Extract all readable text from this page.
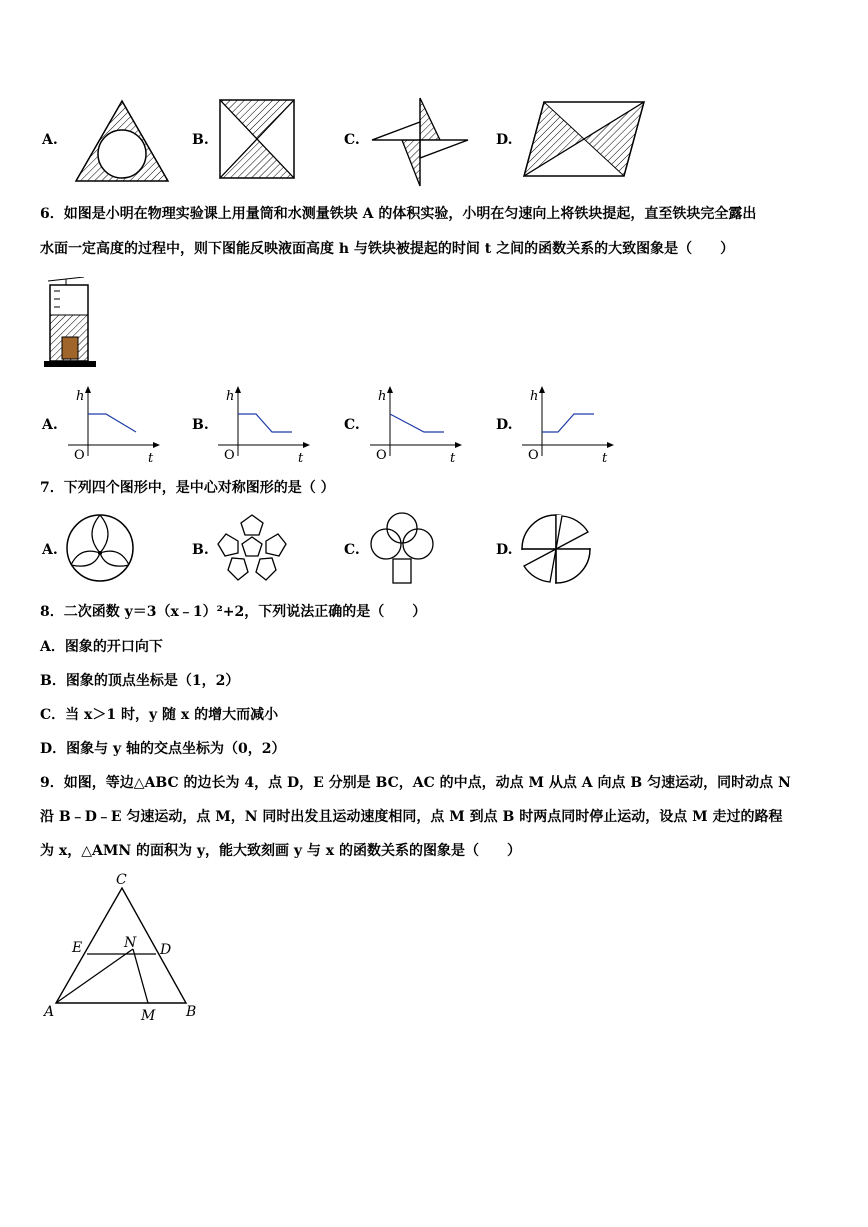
A.	B.	C.	D.
6．如图是小明在物理实验课上用量筒和水测量铁块 A 的体积实验，小明在匀速向上将铁块提起，直至铁块完全露出
水面一定高度的过程中，则下图能反映液面高度 h 与铁块被提起的时间 t 之间的函数关系的大致图象是（　　）
A.
h
t
O
B.
h
t
O
C.
h
t
O
D.
h
t
O
7．下列四个图形中，是中心对称图形的是（ ）
A.	B.	C.	D.
8．二次函数 y＝3（x﹣1）²+2，下列说法正确的是（　　）
A．图象的开口向下
B．图象的顶点坐标是（1，2）
C．当 x＞1 时，y 随 x 的增大而减小
D．图象与 y 轴的交点坐标为（0，2）
9．如图，等边△ABC 的边长为 4，点 D，E 分别是 BC，AC 的中点，动点 M 从点 A 向点 B 匀速运动，同时动点 N
沿 B﹣D﹣E 匀速运动，点 M，N 同时出发且运动速度相同，点 M 到点 B 时两点同时停止运动，设点 M 走过的路程
为 x，△AMN 的面积为 y，能大致刻画 y 与 x 的函数关系的图象是（　　）
C
E	N D
A	M B
